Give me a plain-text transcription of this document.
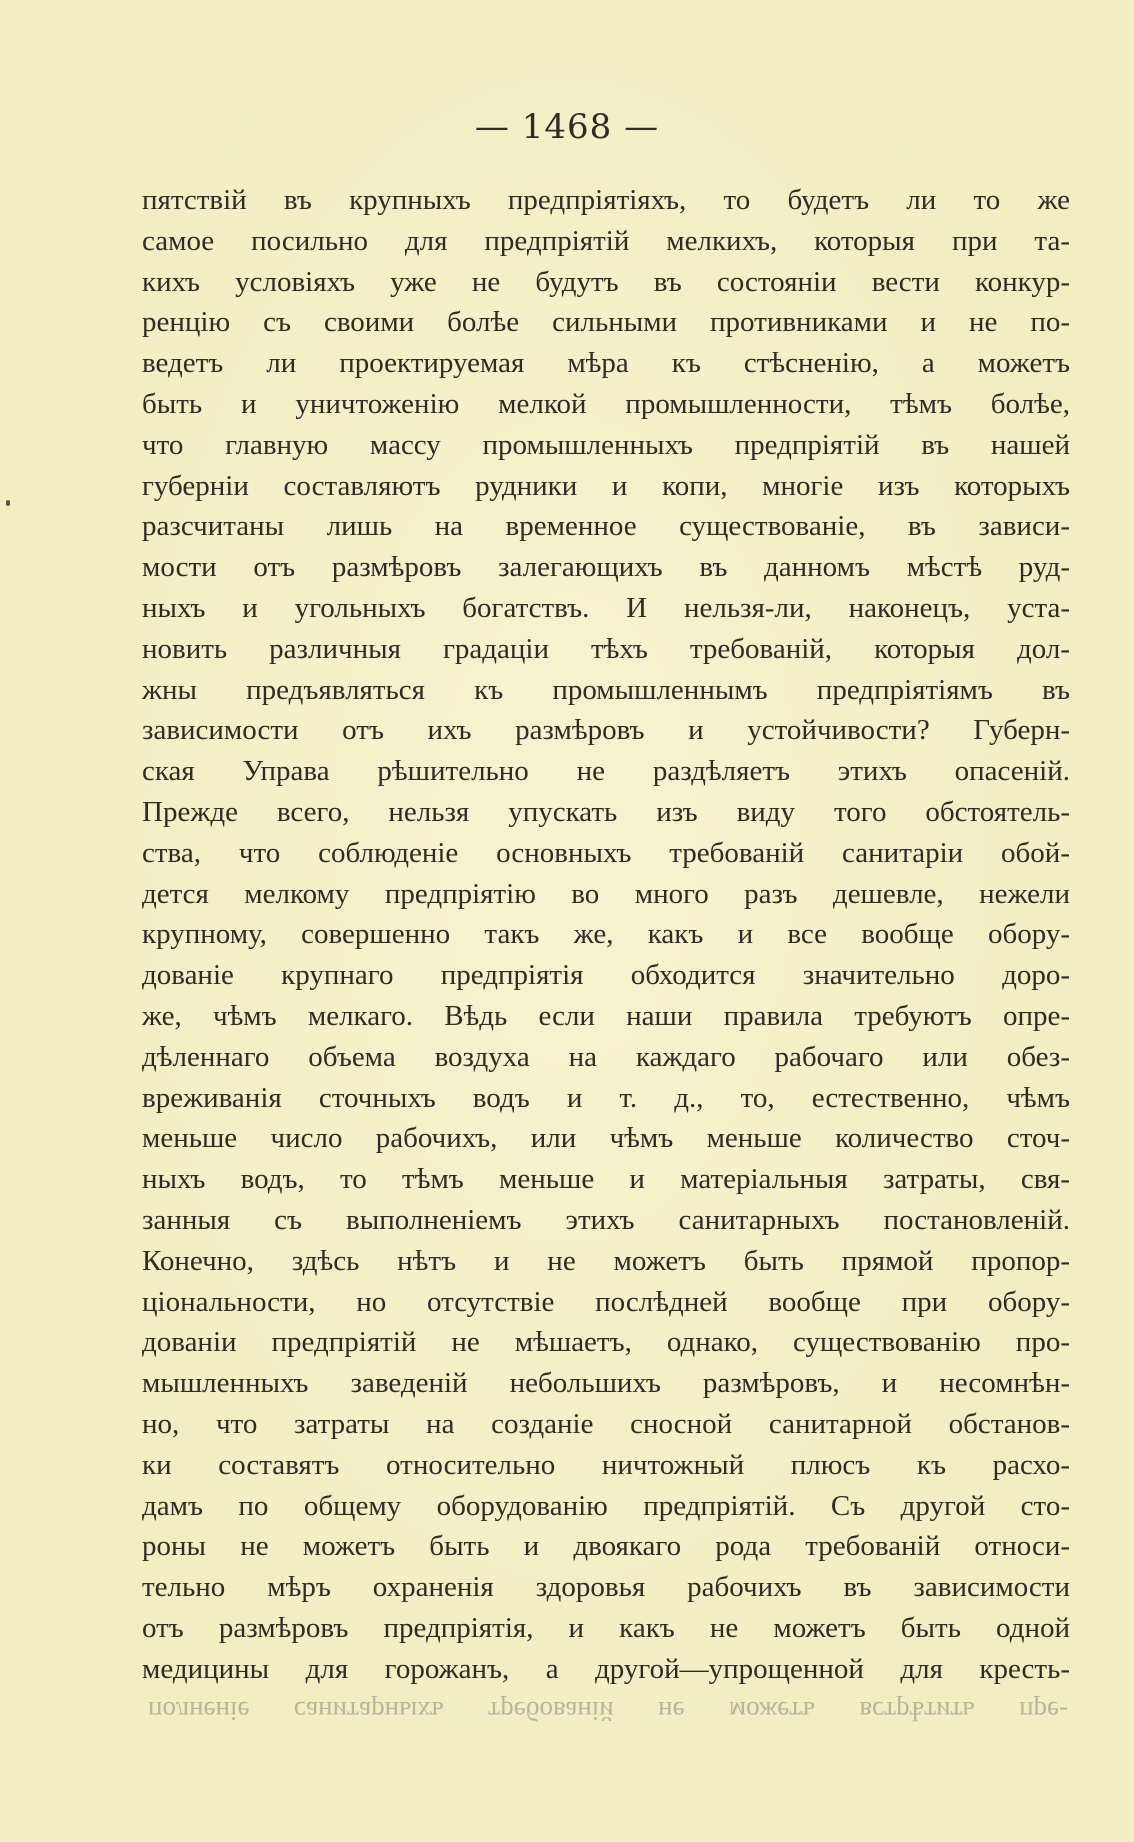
— 1468 —
пятствій въ крупныхъ предпріятіяхъ, то будетъ ли то же
самое посильно для предпріятій мелкихъ, которыя при та-
кихъ условіяхъ уже не будутъ въ состояніи вести конкур-
ренцію съ своими болѣе сильными противниками и не по-
ведетъ ли проектируемая мѣра къ стѣсненію, а можетъ
быть и уничтоженію мелкой промышленности, тѣмъ болѣе,
что главную массу промышленныхъ предпріятій въ нашей
губерніи составляютъ рудники и копи, многіе изъ которыхъ
разсчитаны лишь на временное существованіе, въ зависи-
мости отъ размѣровъ залегающихъ въ данномъ мѣстѣ руд-
ныхъ и угольныхъ богатствъ. И нельзя-ли, наконецъ, уста-
новить различныя градаціи тѣхъ требованій, которыя дол-
жны предъявляться къ промышленнымъ предпріятіямъ въ
зависимости отъ ихъ размѣровъ и устойчивости? Губерн-
ская Управа рѣшительно не раздѣляетъ этихъ опасеній.
Прежде всего, нельзя упускать изъ виду того обстоятель-
ства, что соблюденіе основныхъ требованій санитаріи обой-
дется мелкому предпріятію во много разъ дешевле, нежели
крупному, совершенно такъ же, какъ и все вообще обору-
дованіе крупнаго предпріятія обходится значительно доро-
же, чѣмъ мелкаго. Вѣдь если наши правила требуютъ опре-
дѣленнаго объема воздуха на каждаго рабочаго или обез-
вреживанія сточныхъ водъ и т. д., то, естественно, чѣмъ
меньше число рабочихъ, или чѣмъ меньше количество сточ-
ныхъ водъ, то тѣмъ меньше и матеріальныя затраты, свя-
занныя съ выполненіемъ этихъ санитарныхъ постановленій.
Конечно, здѣсь нѣтъ и не можетъ быть прямой пропор-
ціональности, но отсутствіе послѣдней вообще при обору-
дованіи предпріятій не мѣшаетъ, однако, существованію про-
мышленныхъ заведеній небольшихъ размѣровъ, и несомнѣн-
но, что затраты на созданіе сносной санитарной обстанов-
ки составятъ относительно ничтожный плюсъ къ расхо-
дамъ по общему оборудованію предпріятій. Съ другой сто-
роны не можетъ быть и двоякаго рода требованій относи-
тельно мѣръ охраненія здоровья рабочихъ въ зависимости
отъ размѣровъ предпріятія, и какъ не можетъ быть одной
медицины для горожанъ, а другой—упрощенной для кресть-
полненіе санитарныхъ требованій не можетъ встрѣтить пре-
